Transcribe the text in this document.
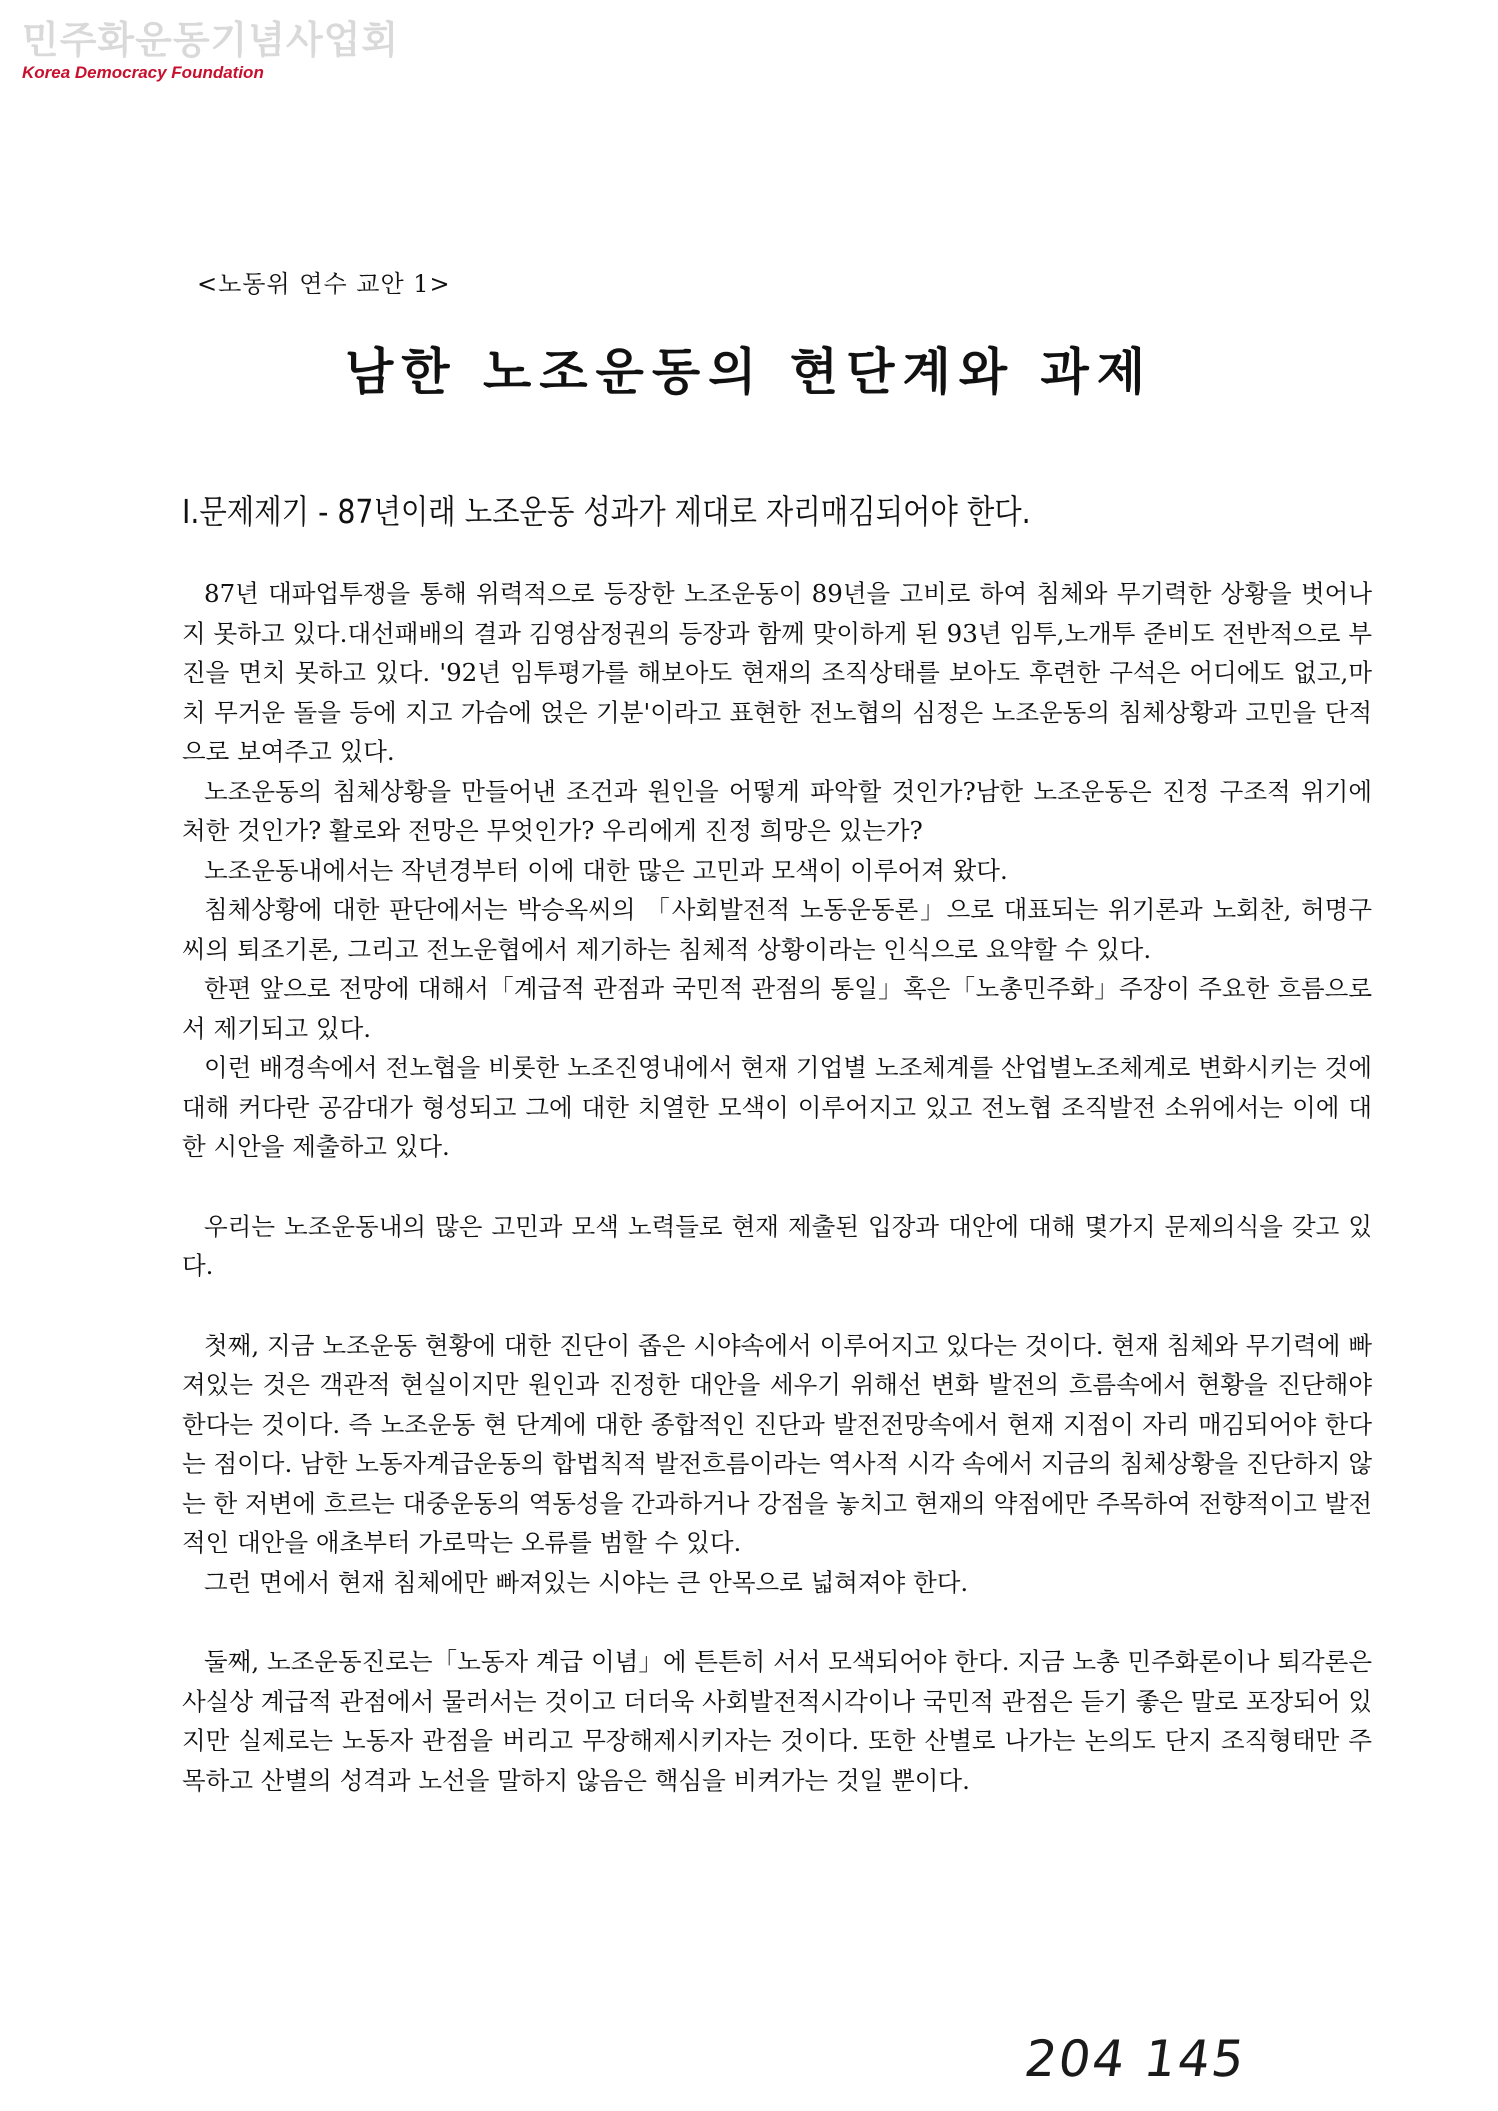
민주화운동기념사업회
Korea Democracy Foundation
<노동위 연수 교안 1>
남한 노조운동의 현단계와 과제
Ⅰ.문제제기 - 87년이래 노조운동 성과가 제대로 자리매김되어야 한다.

87년 대파업투쟁을 통해 위력적으로 등장한 노조운동이 89년을 고비로 하여 침체와 무기력한 상황을 벗어나지 못하고 있다.대선패배의 결과 김영삼정권의 등장과 함께 맞이하게 된 93년 임투,노개투 준비도 전반적으로 부진을 면치 못하고 있다. '92년 임투평가를 해보아도 현재의 조직상태를 보아도 후련한 구석은 어디에도 없고,마치 무거운 돌을 등에 지고 가슴에 얹은 기분'이라고 표현한 전노협의 심정은 노조운동의 침체상황과 고민을 단적으로 보여주고 있다.

노조운동의 침체상황을 만들어낸 조건과 원인을 어떻게 파악할 것인가?남한 노조운동은 진정 구조적 위기에 처한 것인가? 활로와 전망은 무엇인가? 우리에게 진정 희망은 있는가?

노조운동내에서는 작년경부터 이에 대한 많은 고민과 모색이 이루어져 왔다.

침체상황에 대한 판단에서는 박승옥씨의 「사회발전적 노동운동론」으로 대표되는 위기론과 노회찬, 허명구씨의 퇴조기론, 그리고 전노운협에서 제기하는 침체적 상황이라는 인식으로 요약할 수 있다.

한편 앞으로 전망에 대해서「계급적 관점과 국민적 관점의 통일」혹은「노총민주화」주장이 주요한 흐름으로서 제기되고 있다.

이런 배경속에서 전노협을 비롯한 노조진영내에서 현재 기업별 노조체계를 산업별노조체계로 변화시키는 것에 대해 커다란 공감대가 형성되고 그에 대한 치열한 모색이 이루어지고 있고 전노협 조직발전 소위에서는 이에 대한 시안을 제출하고 있다.

우리는 노조운동내의 많은 고민과 모색 노력들로 현재 제출된 입장과 대안에 대해 몇가지 문제의식을 갖고 있다.

첫째, 지금 노조운동 현황에 대한 진단이 좁은 시야속에서 이루어지고 있다는 것이다. 현재 침체와 무기력에 빠져있는 것은 객관적 현실이지만 원인과 진정한 대안을 세우기 위해선 변화 발전의 흐름속에서 현황을 진단해야 한다는 것이다. 즉 노조운동 현 단계에 대한 종합적인 진단과 발전전망속에서 현재 지점이 자리 매김되어야 한다는 점이다. 남한 노동자계급운동의 합법칙적 발전흐름이라는 역사적 시각 속에서 지금의 침체상황을 진단하지 않는 한 저변에 흐르는 대중운동의 역동성을 간과하거나 강점을 놓치고 현재의 약점에만 주목하여 전향적이고 발전적인 대안을 애초부터 가로막는 오류를 범할 수 있다.

그런 면에서 현재 침체에만 빠져있는 시야는 큰 안목으로 넓혀져야 한다.

둘째, 노조운동진로는「노동자 계급 이념」에 튼튼히 서서 모색되어야 한다. 지금 노총 민주화론이나 퇴각론은 사실상 계급적 관점에서 물러서는 것이고 더더욱 사회발전적시각이나 국민적 관점은 듣기 좋은 말로 포장되어 있지만 실제로는 노동자 관점을 버리고 무장해제시키자는 것이다. 또한 산별로 나가는 논의도 단지 조직형태만 주목하고 산별의 성격과 노선을 말하지 않음은 핵심을 비켜가는 것일 뿐이다.

204 145
